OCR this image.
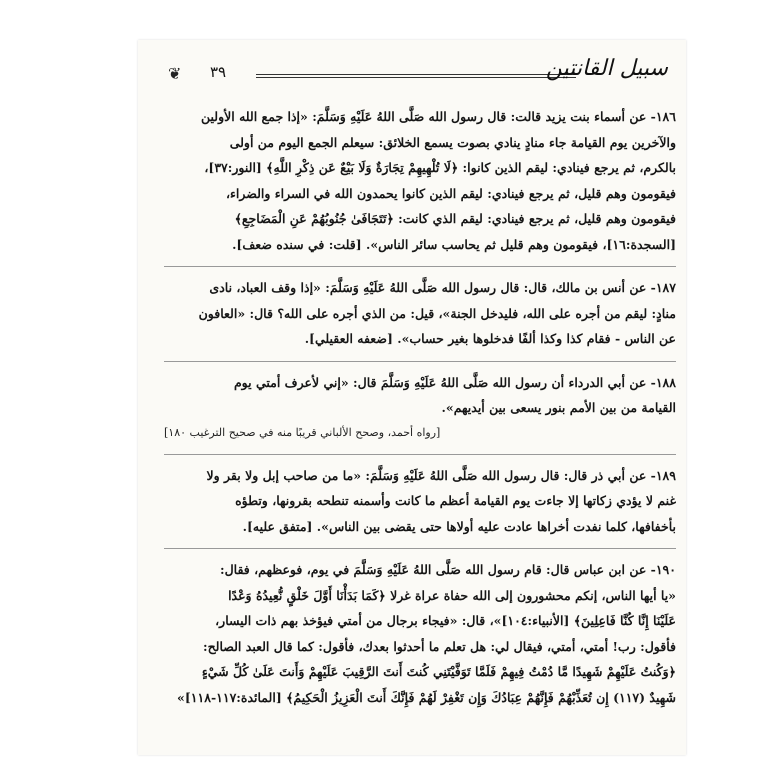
❦ ٣٩	سبيل القانتين
١٨٦- عن أسماء بنت يزيد قالت: قال رسول الله صَلَّى اللهُ عَلَيْهِ وَسَلَّمَ: «إذا جمع الله الأولين
والآخرين يوم القيامة جاء منادٍ ينادي بصوت يسمع الخلائق: سيعلم الجمع اليوم من أولى
بالكرم، ثم يرجع فينادي: ليقم الذين كانوا: ﴿لَا تُلْهِيهِمْ تِجَارَةٌ وَلَا بَيْعٌ عَن ذِكْرِ اللَّهِ﴾ [النور:٣٧]،
فيقومون وهم قليل، ثم يرجع فينادي: ليقم الذين كانوا يحمدون الله في السراء والضراء،
فيقومون وهم قليل، ثم يرجع فينادي: ليقم الذي كانت: ﴿تَتَجَافَىٰ جُنُوبُهُمْ عَنِ الْمَضَاجِعِ﴾
[السجدة:١٦]، فيقومون وهم قليل ثم يحاسب سائر الناس». [قلت: في سنده ضعف].
١٨٧- عن أنس بن مالك، قال: قال رسول الله صَلَّى اللهُ عَلَيْهِ وَسَلَّمَ: «إذا وقف العباد، نادى
منادٍ: ليقم من أجره على الله، فليدخل الجنة»، قيل: من الذي أجره على الله؟ قال: «العافون
عن الناس - فقام كذا وكذا ألفًا فدخلوها بغير حساب». [ضعفه العقيلي].
١٨٨- عن أبي الدرداء أن رسول الله صَلَّى اللهُ عَلَيْهِ وَسَلَّمَ قال: «إني لأعرف أمتي يوم
القيامة من بين الأمم بنور يسعى بين أيديهم».
[رواه أحمد، وصحح الألباني قريبًا منه في صحيح الترغيب ١٨٠]
١٨٩- عن أبي ذر قال: قال رسول الله صَلَّى اللهُ عَلَيْهِ وَسَلَّمَ: «ما من صاحب إبل ولا بقر ولا
غنم لا يؤدي زكاتها إلا جاءت يوم القيامة أعظم ما كانت وأسمنه تنطحه بقرونها، وتطؤه
بأخفافها، كلما نفدت أخراها عادت عليه أولاها حتى يقضى بين الناس». [متفق عليه].
١٩٠- عن ابن عباس قال: قام رسول الله صَلَّى اللهُ عَلَيْهِ وَسَلَّمَ في يوم، فوعظهم، فقال:
«يا أيها الناس، إنكم محشورون إلى الله حفاة عراة غرلا ﴿كَمَا بَدَأْنَا أَوَّلَ خَلْقٍ نُّعِيدُهُ وَعْدًا
عَلَيْنَا إِنَّا كُنَّا فَاعِلِينَ﴾ [الأنبياء:١٠٤]»، قال: «فيجاء برجال من أمتي فيؤخذ بهم ذات اليسار،
فأقول: رب! أمتي، أمتي، فيقال لي: هل تعلم ما أحدثوا بعدك، فأقول: كما قال العبد الصالح:
﴿وَكُنتُ عَلَيْهِمْ شَهِيدًا مَّا دُمْتُ فِيهِمْ فَلَمَّا تَوَفَّيْتَنِي كُنتَ أَنتَ الرَّقِيبَ عَلَيْهِمْ وَأَنتَ عَلَىٰ كُلِّ شَيْءٍ
شَهِيدٌ (١١٧) إِن تُعَذِّبْهُمْ فَإِنَّهُمْ عِبَادُكَ وَإِن تَغْفِرْ لَهُمْ فَإِنَّكَ أَنتَ الْعَزِيزُ الْحَكِيمُ﴾ [المائدة:١١٧-١١٨]»
